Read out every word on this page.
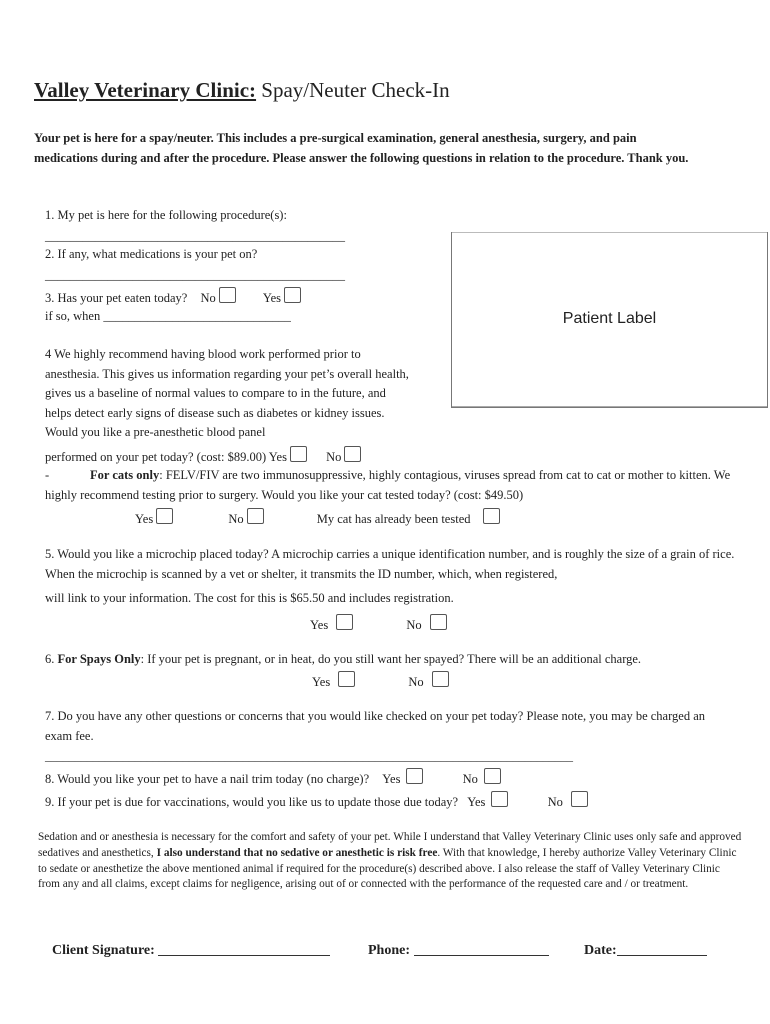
Valley Veterinary Clinic: Spay/Neuter Check-In
Your pet is here for a spay/neuter. This includes a pre-surgical examination, general anesthesia, surgery, and pain medications during and after the procedure. Please answer the following questions in relation to the procedure. Thank you.
Patient Label
1. My pet is here for the following procedure(s):
________________________________________________
2. If any, what medications is your pet on?
________________________________________________
3. Has your pet eaten today? No	Yes
if so, when ______________________________
4 We highly recommend having blood work performed prior to anesthesia. This gives us information regarding your pet’s overall health, gives us a baseline of normal values to compare to in the future, and helps detect early signs of disease such as diabetes or kidney issues. Would you like a pre-anesthetic blood panel
performed on your pet today? (cost: $89.00) Yes	No
-	For cats only: FELV/FIV are two immunosuppressive, highly contagious, viruses spread from cat to cat or mother to kitten. We highly recommend testing prior to surgery. Would you like your cat tested today? (cost: $49.50)
Yes	No	My cat has already been tested
5. Would you like a microchip placed today? A microchip carries a unique identification number, and is roughly the size of a grain of rice. When the microchip is scanned by a vet or shelter, it transmits the ID number, which, when registered,
will link to your information. The cost for this is $65.50 and includes registration.
Yes	No
6. For Spays Only: If your pet is pregnant, or in heat, do you still want her spayed? There will be an additional charge.
Yes	No
7. Do you have any other questions or concerns that you would like checked on your pet today? Please note, you may be charged an exam fee.
________________________________________________________________________________________
8. Would you like your pet to have a nail trim today (no charge)? Yes	No
9. If your pet is due for vaccinations, would you like us to update those due today? Yes	No
Sedation and or anesthesia is necessary for the comfort and safety of your pet. While I understand that Valley Veterinary Clinic uses only safe and approved sedatives and anesthetics, I also understand that no sedative or anesthetic is risk free. With that knowledge, I hereby authorize Valley Veterinary Clinic to sedate or anesthetize the above mentioned animal if required for the procedure(s) described above. I also release the staff of Valley Veterinary Clinic from any and all claims, except claims for negligence, arising out of or connected with the performance of the requested care and / or treatment.
Client Signature:	Phone:	Date:
